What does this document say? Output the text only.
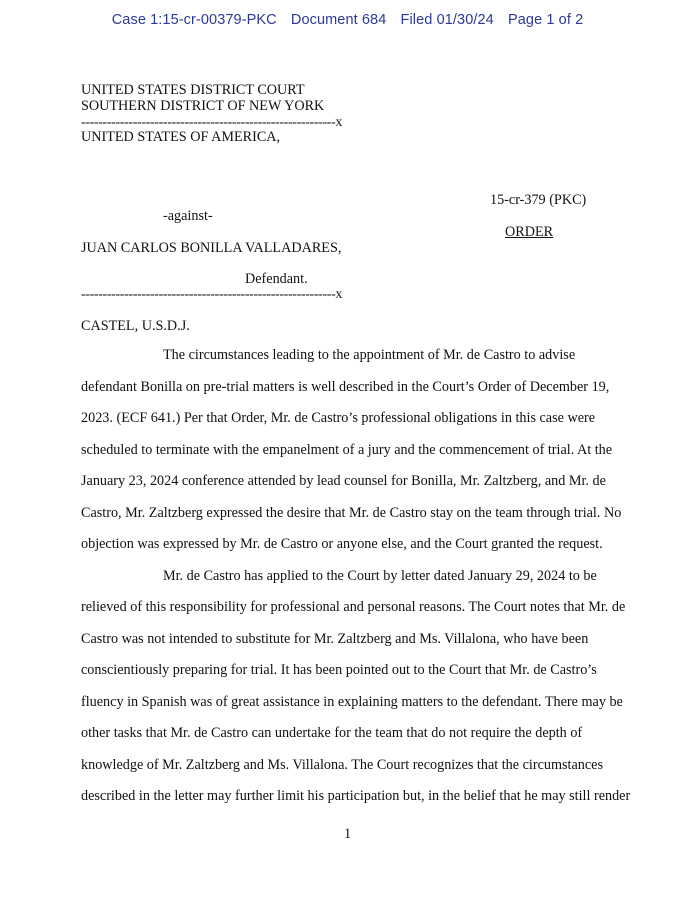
Case 1:15-cr-00379-PKC Document 684 Filed 01/30/24 Page 1 of 2
UNITED STATES DISTRICT COURT
SOUTHERN DISTRICT OF NEW YORK
-----------------------------------------------------------x
UNITED STATES OF AMERICA,
15-cr-379 (PKC)
-against-
ORDER
JUAN CARLOS BONILLA VALLADARES,
Defendant.
-----------------------------------------------------------x
CASTEL, U.S.D.J.
The circumstances leading to the appointment of Mr. de Castro to advise
defendant Bonilla on pre-trial matters is well described in the Court’s Order of December 19,
2023. (ECF 641.) Per that Order, Mr. de Castro’s professional obligations in this case were
scheduled to terminate with the empanelment of a jury and the commencement of trial. At the
January 23, 2024 conference attended by lead counsel for Bonilla, Mr. Zaltzberg, and Mr. de
Castro, Mr. Zaltzberg expressed the desire that Mr. de Castro stay on the team through trial. No
objection was expressed by Mr. de Castro or anyone else, and the Court granted the request.
Mr. de Castro has applied to the Court by letter dated January 29, 2024 to be
relieved of this responsibility for professional and personal reasons. The Court notes that Mr. de
Castro was not intended to substitute for Mr. Zaltzberg and Ms. Villalona, who have been
conscientiously preparing for trial. It has been pointed out to the Court that Mr. de Castro’s
fluency in Spanish was of great assistance in explaining matters to the defendant. There may be
other tasks that Mr. de Castro can undertake for the team that do not require the depth of
knowledge of Mr. Zaltzberg and Ms. Villalona. The Court recognizes that the circumstances
described in the letter may further limit his participation but, in the belief that he may still render
1
